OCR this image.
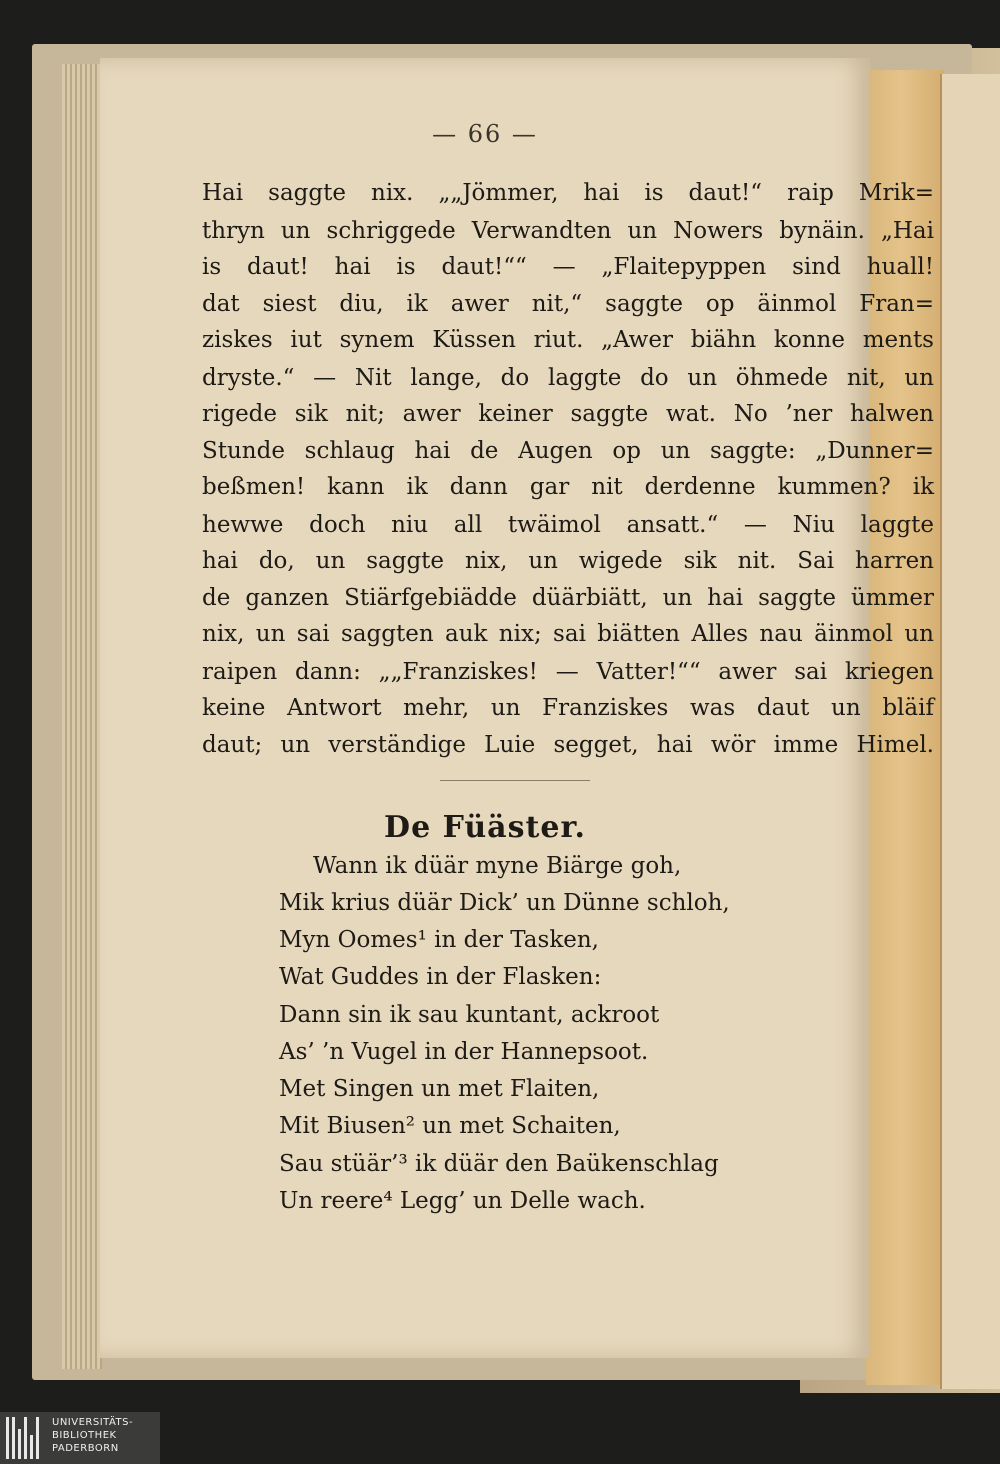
— 66 —
Hai saggte nix. „„Jömmer, hai is daut!“ raip Mrik=
thryn un schriggede Verwandten un Nowers bynäin. „Hai
is daut! hai is daut!““ — „Flaitepyppen sind huall!
dat siest diu, ik awer nit,“ saggte op äinmol Fran=
ziskes iut synem Küssen riut. „Awer biähn konne ments
dryste.“ — Nit lange, do laggte do un öhmede nit, un
rigede sik nit; awer keiner saggte wat. No ’ner halwen
Stunde schlaug hai de Augen op un saggte: „Dunner=
beßmen! kann ik dann gar nit derdenne kummen? ik
hewwe doch niu all twäimol ansatt.“ — Niu laggte
hai do, un saggte nix, un wigede sik nit. Sai harren
de ganzen Stiärfgebiädde düärbiätt, un hai saggte ümmer
nix, un sai saggten auk nix; sai biätten Alles nau äinmol un
raipen dann: „„Franziskes! — Vatter!““ awer sai kriegen
keine Antwort mehr, un Franziskes was daut un bläif
daut; un verständige Luie segget, hai wör imme Himel.
De Füäster.
Wann ik düär myne Biärge goh,
Mik krius düär Dick’ un Dünne schloh,
Myn Oomes¹ in der Tasken,
Wat Guddes in der Flasken:
Dann sin ik sau kuntant, ackroot
As’ ’n Vugel in der Hannepsoot.
Met Singen un met Flaiten,
Mit Biusen² un met Schaiten,
Sau stüär’³ ik düär den Baükenschlag
Un reere⁴ Legg’ un Delle wach.
UNIVERSITÄTS-
BIBLIOTHEK
PADERBORN
